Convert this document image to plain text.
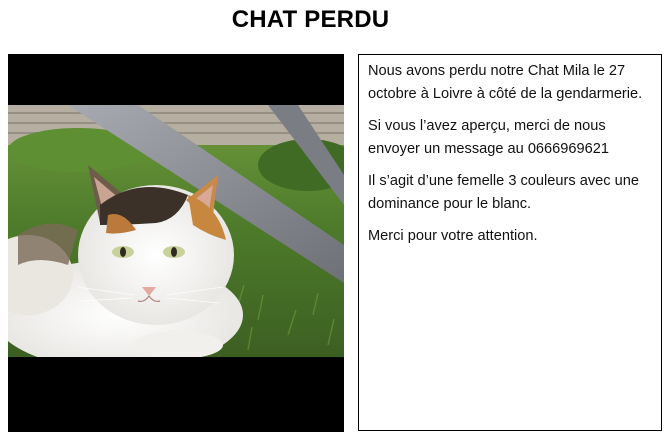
CHAT PERDU

Nous avons perdu notre Chat Mila le 27 octobre à Loivre à côté de la gendarmerie.

Si vous l’avez aperçu, merci de nous envoyer un message au 0666969621

Il s’agit d’une femelle 3 couleurs avec une dominance pour le blanc.

Merci pour votre attention.
